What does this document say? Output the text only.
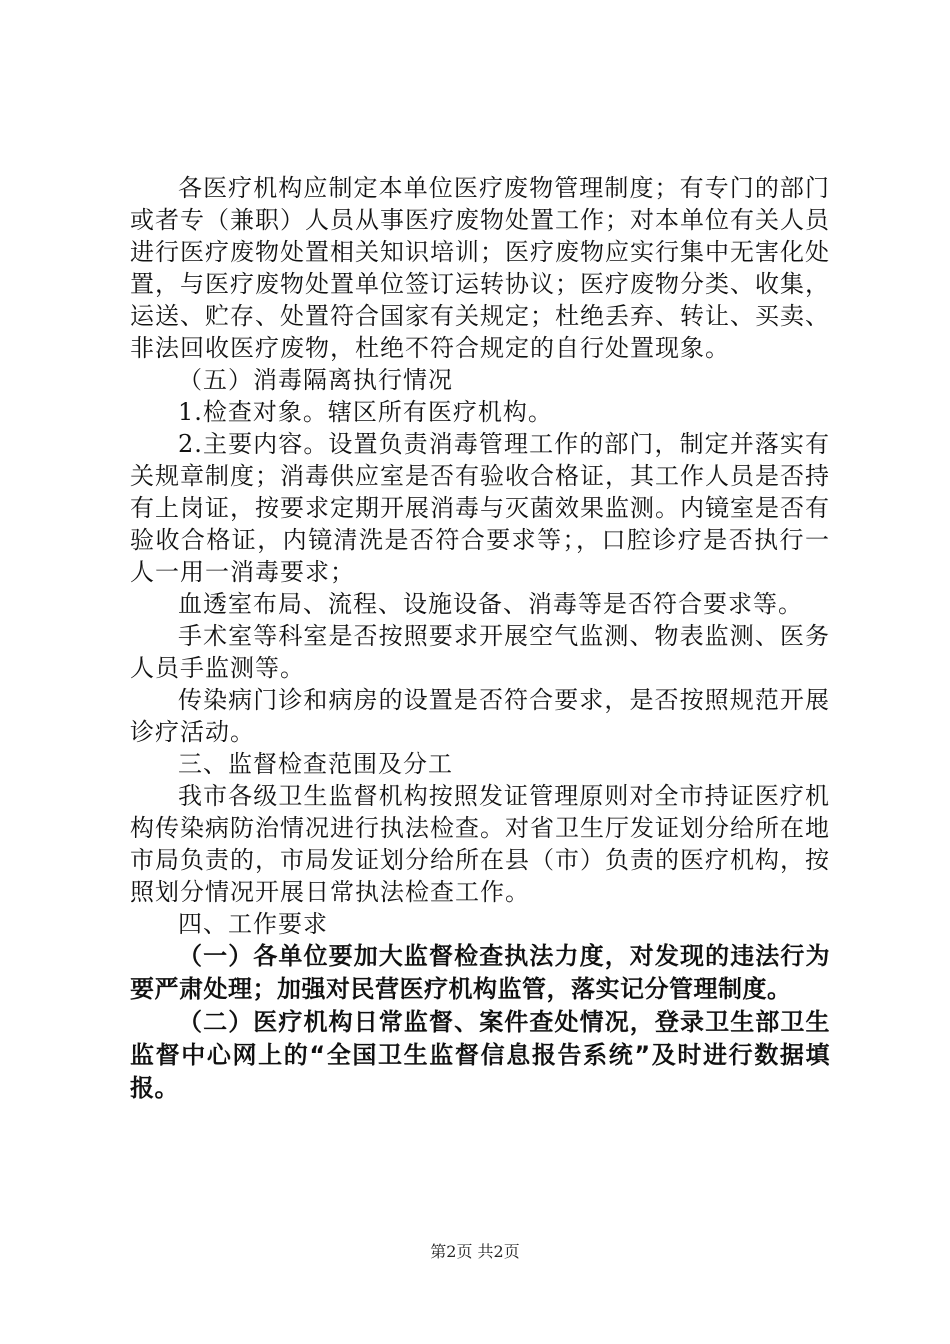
各医疗机构应制定本单位医疗废物管理制度；有专门的部门或者专（兼职）人员从事医疗废物处置工作；对本单位有关人员进行医疗废物处置相关知识培训；医疗废物应实行集中无害化处置，与医疗废物处置单位签订运转协议；医疗废物分类、收集，运送、贮存、处置符合国家有关规定；杜绝丢弃、转让、买卖、非法回收医疗废物，杜绝不符合规定的自行处置现象。

（五）消毒隔离执行情况

1.检查对象。辖区所有医疗机构。

2.主要内容。设置负责消毒管理工作的部门，制定并落实有关规章制度；消毒供应室是否有验收合格证，其工作人员是否持有上岗证，按要求定期开展消毒与灭菌效果监测。内镜室是否有验收合格证，内镜清洗是否符合要求等；，口腔诊疗是否执行一人一用一消毒要求；

血透室布局、流程、设施设备、消毒等是否符合要求等。

手术室等科室是否按照要求开展空气监测、物表监测、医务人员手监测等。

传染病门诊和病房的设置是否符合要求，是否按照规范开展诊疗活动。

三、监督检查范围及分工

我市各级卫生监督机构按照发证管理原则对全市持证医疗机构传染病防治情况进行执法检查。对省卫生厅发证划分给所在地市局负责的，市局发证划分给所在县（市）负责的医疗机构，按照划分情况开展日常执法检查工作。

四、工作要求

（一）各单位要加大监督检查执法力度，对发现的违法行为要严肃处理；加强对民营医疗机构监管，落实记分管理制度。

（二）医疗机构日常监督、案件查处情况，登录卫生部卫生监督中心网上的“全国卫生监督信息报告系统”及时进行数据填报。

第2页 共2页
